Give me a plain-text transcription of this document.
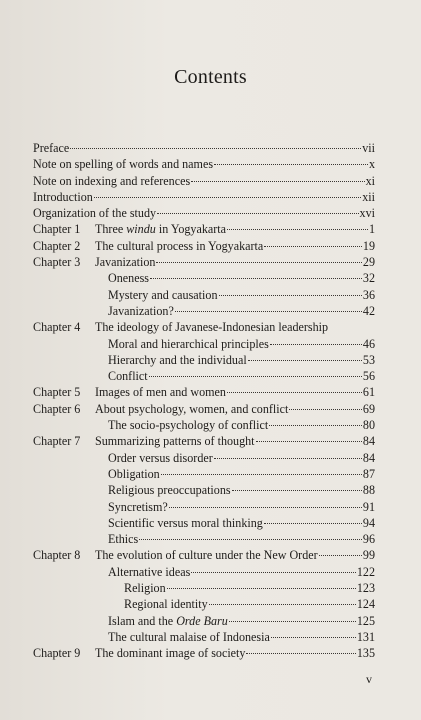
Contents
Preface	vii
Note on spelling of words and names	x
Note on indexing and references	xi
Introduction	xii
Organization of the study	xvi
Chapter 1	Three windu in Yogyakarta	1
Chapter 2	The cultural process in Yogyakarta	19
Chapter 3	Javanization	29
Oneness	32
Mystery and causation	36
Javanization?	42
Chapter 4	The ideology of Javanese-Indonesian leadership
Moral and hierarchical principles	46
Hierarchy and the individual	53
Conflict	56
Chapter 5	Images of men and women	61
Chapter 6	About psychology, women, and conflict	69
The socio-psychology of conflict	80
Chapter 7	Summarizing patterns of thought	84
Order versus disorder	84
Obligation	87
Religious preoccupations	88
Syncretism?	91
Scientific versus moral thinking	94
Ethics	96
Chapter 8	The evolution of culture under the New Order	99
Alternative ideas	122
Religion	123
Regional identity	124
Islam and the Orde Baru	125
The cultural malaise of Indonesia	131
Chapter 9	The dominant image of society	135
v
